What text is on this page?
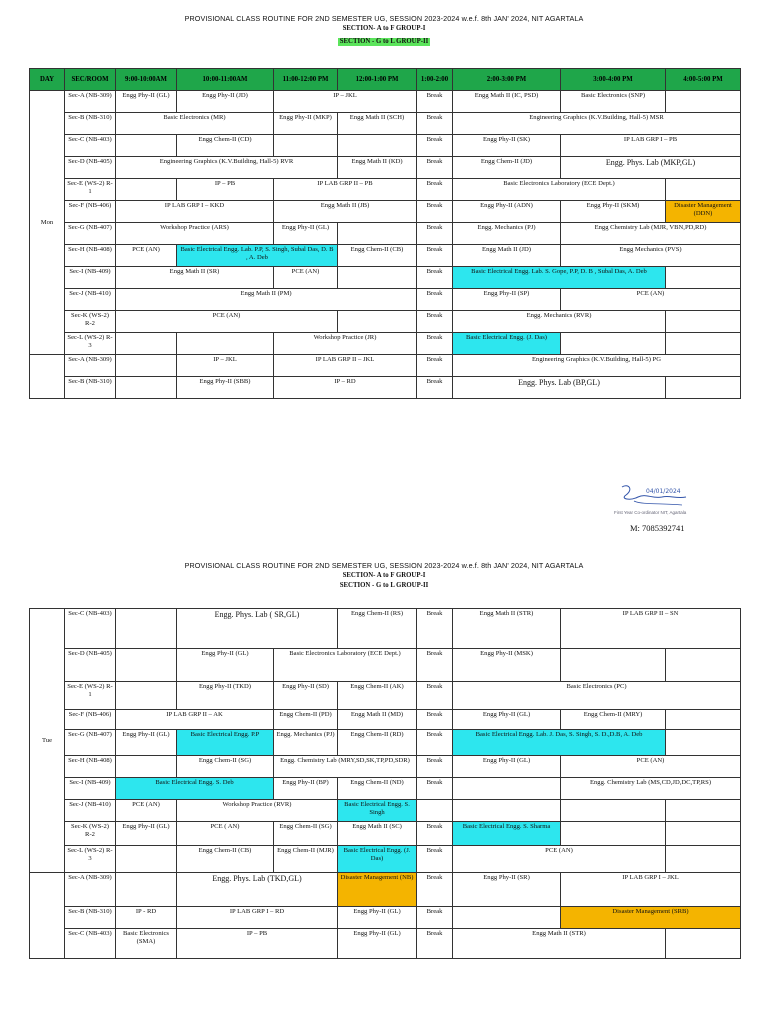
PROVISIONAL CLASS ROUTINE FOR 2ND SEMESTER UG, SESSION 2023-2024 w.e.f. 8th JAN' 2024, NIT AGARTALA
SECTION- A to F GROUP-I
SECTION - G to L GROUP-II
DAY	SEC/ROOM	9:00-10:00AM	10:00-11:00AM	11:00-12:00 PM	12:00-1:00 PM	1:00-2:00	2:00-3:00 PM	3:00-4:00 PM	4:00-5:00 PM
Mon	Sec-A (NB-309)	Engg Phy-II (GL)	Engg Phy-II (JD)	IP – JKL		Break	Engg Math II (IC, PSD)	Basic Electronics (SNP)	
	Sec-B (NB-310)	Basic Electronics (MR)		Engg Phy-II (MKP)	Engg Math II (SCH)	Break	Engineering Graphics (K.V.Building, Hall-5) MSR		
	Sec-C (NB-403)		Engg Chem-II (CD)			Break	Engg Phy-II (SK)	IP LAB GRP I – PB	
	Sec-D (NB-405)	Engineering Graphics (K.V.Building, Hall-5) RVR			Engg Math II (KD)	Break	Engg Chem-II (JD)	Engg. Phys. Lab (MKP,GL)	
	Sec-E (WS-2) R-1		IP – PB	IP LAB GRP II – PB		Break	Basic Electronics Laboratory (ECE Dept.)		
	Sec-F (NB-406)	IP LAB GRP I – KKD		Engg Math II (JB)		Break	Engg Phy-II (ADN)	Engg Phy-II (SKM)	Disaster Management (DDN)
	Sec-G (NB-407)	Workshop Practice (ARS)		Engg Phy-II (GL)		Break	Engg. Mechanics (PJ)	Engg Chemistry Lab (MJR, VBN,PD,RD)	
	Sec-H (NB-408)	PCE (AN)	Basic Electrical Engg. Lab. P.P, S. Singh, Subal Das, D. B , A. Deb		Engg Chem-II (CB)	Break	Engg Math II (JD)	Engg Mechanics (PVS)	
	Sec-I (NB-409)	Engg Math II (SR)		PCE (AN)		Break	Basic Electrical Engg. Lab. S. Gope, P.P, D. B , Subal Das, A. Deb		
	Sec-J (NB-410)	Engg Math II (PM)				Break	Engg Phy-II (SP)	PCE (AN)	
	Sec-K (WS-2) R-2	PCE (AN)				Break	Engg. Mechanics (RVR)		
	Sec-L (WS-2) R-3			Workshop Practice (JR)		Break	Basic Electrical Engg. (J. Das)		
	Sec-A (NB-309)		IP – JKL	IP LAB GRP II – JKL		Break	Engineering Graphics (K.V.Building, Hall-5) PG		
	Sec-B (NB-310)		Engg Phy-II (SBB)	IP – RD		Break	Engg. Phys. Lab (BP,GL)		
04/01/2024
First Year Co-ordinator NIT, Agartala
M: 7085392741
PROVISIONAL CLASS ROUTINE FOR 2ND SEMESTER UG, SESSION 2023-2024 w.e.f. 8th JAN' 2024, NIT AGARTALA
SECTION- A to F GROUP-I
SECTION - G to L GROUP-II
Tue	Sec-C (NB-403)		Engg. Phys. Lab ( SR,GL)		Engg Chem-II (RS)	Break	Engg Math II (STR)	IP LAB GRP II – SN	
	Sec-D (NB-405)		Engg Phy-II (GL)	Basic Electronics Laboratory (ECE Dept.)		Break	Engg Phy-II (MSK)		
	Sec-E (WS-2) R-1		Engg Phy-II (TKD)	Engg Phy-II (SD)	Engg Chem-II (AK)	Break	Basic Electronics (PC)		
	Sec-F (NB-406)	IP LAB GRP II – AK		Engg Chem-II (PD)	Engg Math II (MD)	Break	Engg Phy-II (GL)	Engg Chem-II (MRY)	
	Sec-G (NB-407)	Engg Phy-II (GL)	Basic Electrical Engg. P.P	Engg. Mechanics (PJ)	Engg Chem-II (RD)	Break	Basic Electrical Engg. Lab. J. Das, S. Singh, S. D.,D.B, A. Deb		
	Sec-H (NB-408)		Engg Chem-II (SG)	Engg. Chemistry Lab (MRY,SD,SK,TP,PD,SDR)		Break	Engg Phy-II (GL)	PCE (AN)	
	Sec-I (NB-409)	Basic Electrical Engg. S. Deb		Engg Phy-II (BP)	Engg Chem-II (ND)	Break		Engg. Chemistry Lab (MS,CD,JD,DC,TP,RS)	
	Sec-J (NB-410)	PCE (AN)	Workshop Practice (RVR)		Basic Electrical Engg. S. Singh				
	Sec-K (WS-2) R-2	Engg Phy-II (GL)	PCE ( AN)	Engg Chem-II (SG)	Engg Math II (SC)	Break	Basic Electrical Engg. S. Sharma		
	Sec-L (WS-2) R-3		Engg Chem-II (CB)	Engg Chem-II (MJR)	Basic Electrical Engg. (J. Das)	Break	PCE (AN)		
	Sec-A (NB-309)		Engg. Phys. Lab (TKD,GL)		Disaster Management (NB)	Break	Engg Phy-II (SR)	IP LAB GRP I – JKL	
	Sec-B (NB-310)	IP - RD	IP LAB GRP I – RD		Engg Phy-II (GL)	Break		Disaster Management (SRB)	
	Sec-C (NB-403)	Basic Electronics (SMA)	IP – PB		Engg Phy-II (GL)	Break	Engg Math II (STR)		
